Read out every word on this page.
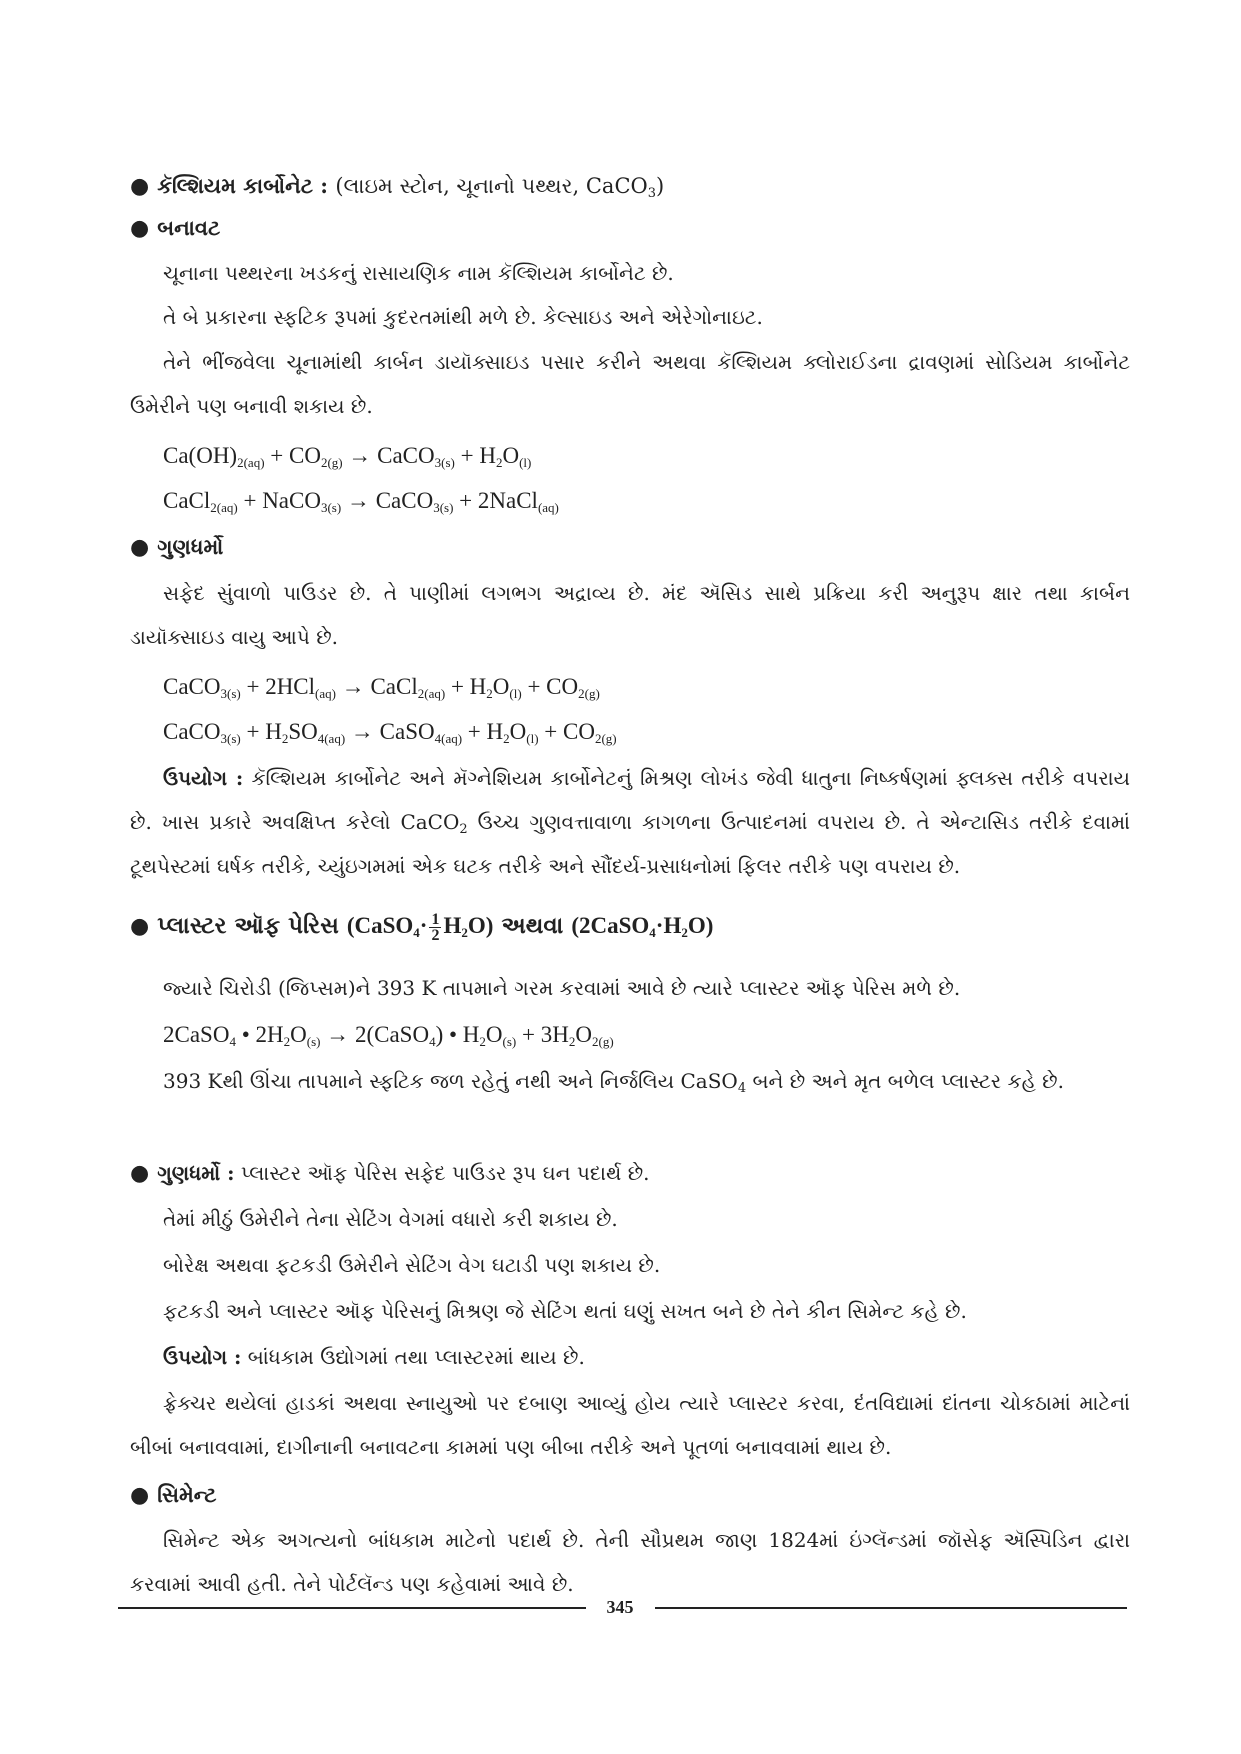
● કૅલ્શિયમ કાર્બોનેટ : (લાઇમ સ્ટોન, ચૂનાનો પથ્થર, CaCO$_3$)
● બનાવટ
ચૂનાના પથ્થરના ખડકનું રાસાયણિક નામ કૅલ્શિયમ કાર્બોનેટ છે.
તે બે પ્રકારના સ્ફટિક રૂપમાં કુદરતમાંથી મળે છે. કેલ્સાઇડ અને એરેગોનાઇટ.
તેને ભીંજવેલા ચૂનામાંથી કાર્બન ડાયૉક્સાઇડ પસાર કરીને અથવા કૅલ્શિયમ ક્લોરાઈડના દ્રાવણમાં સોડિયમ કાર્બોનેટ ઉમેરીને પણ બનાવી શકાય છે.
$Ca(OH)_{2(aq)} + CO_{2(g)}$ → CaCO$_{3(s)}$ + $H_2O_{(l)}$
CaCl$_{2(aq)}$ + NaCO$_{3(s)}$ → CaCO$_{3(s)}$ + 2NaCl$_{(aq)}$
● ગુણધર્મો
સફેદ સુંવાળો પાઉડર છે. તે પાણીમાં લગભગ અદ્રાવ્ય છે. મંદ ઍસિડ સાથે પ્રક્રિયા કરી અનુરૂપ ક્ષાર તથા કાર્બન ડાયૉક્સાઇડ વાયુ આપે છે.
CaCO$_{3(s)}$ + 2HCl$_{(aq)}$ → CaCl$_{2(aq)}$ + $H_2O_{(l)} + CO_{2(g)}$
CaCO$_{3(s)}$ + $H_2SO_{4(aq)}$ → CaSO$_{4(aq)}$ + $H_2O_{(l)} + CO_{2(g)}$
ઉપયોગ : કૅલ્શિયમ કાર્બોનેટ અને મૅગ્નેશિયમ કાર્બોનેટનું મિશ્રણ લોખંડ જેવી ધાતુના નિષ્કર્ષણમાં ફ્લક્સ તરીકે વપરાય છે. ખાસ પ્રકારે અવક્ષિપ્ત કરેલો CaCO$_2$ ઉચ્ચ ગુણવત્તાવાળા કાગળના ઉત્પાદનમાં વપરાય છે. તે એન્ટાસિડ તરીકે દવામાં ટૂથપેસ્ટમાં ઘર્ષક તરીકે, ચ્યુંઇગમમાં એક ઘટક તરીકે અને સૌંદર્ય-પ્રસાધનોમાં ફિલર તરીકે પણ વપરાય છે.
● પ્લાસ્ટર ઑફ પેરિસ (CaSO$_4$· $\frac{1}{2} H_2O$) અથવા $(2CaSO_4\cdot H_2O)$
જ્યારે ચિરોડી (જિપ્સમ)ને 393 K તાપમાને ગરમ કરવામાં આવે છે ત્યારે પ્લાસ્ટર ઑફ પેરિસ મળે છે.
2CaSO$_4$ • $2H_2O_{(s)}$ → 2(CaSO$_4$) • $H_2O_{(s)} + 3H_2O_{2(g)}$
393 Kથી ઊંચા તાપમાને સ્ફટિક જળ રહેતું નથી અને નિર્જલિય CaSO$_4$ બને છે અને મૃત બળેલ પ્લાસ્ટર કહે છે.
● ગુણધર્મો : પ્લાસ્ટર ઑફ પેરિસ સફેદ પાઉડર રૂપ ઘન પદાર્થ છે.
તેમાં મીઠું ઉમેરીને તેના સેટિંગ વેગમાં વધારો કરી શકાય છે.
બોરેક્ષ અથવા ફટકડી ઉમેરીને સેટિંગ વેગ ઘટાડી પણ શકાય છે.
ફટકડી અને પ્લાસ્ટર ઑફ પેરિસનું મિશ્રણ જે સેટિંગ થતાં ઘણું સખત બને છે તેને કીન સિમેન્ટ કહે છે.
ઉપયોગ : બાંધકામ ઉદ્યોગમાં તથા પ્લાસ્ટરમાં થાય છે.
ફ્રેક્ચર થયેલાં હાડકાં અથવા સ્નાયુઓ પર દબાણ આવ્યું હોય ત્યારે પ્લાસ્ટર કરવા, દંતવિદ્યામાં દાંતના ચોકઠામાં માટેનાં બીબાં બનાવવામાં, દાગીનાની બનાવટના કામમાં પણ બીબા તરીકે અને પૂતળાં બનાવવામાં થાય છે.
● સિમેન્ટ
સિમેન્ટ એક અગત્યનો બાંધકામ માટેનો પદાર્થ છે. તેની સૌપ્રથમ જાણ 1824માં ઇંગ્લૅન્ડમાં જૉસેફ ઍસ્પિડિન દ્વારા કરવામાં આવી હતી. તેને પોર્ટલૅન્ડ પણ કહેવામાં આવે છે.
345
